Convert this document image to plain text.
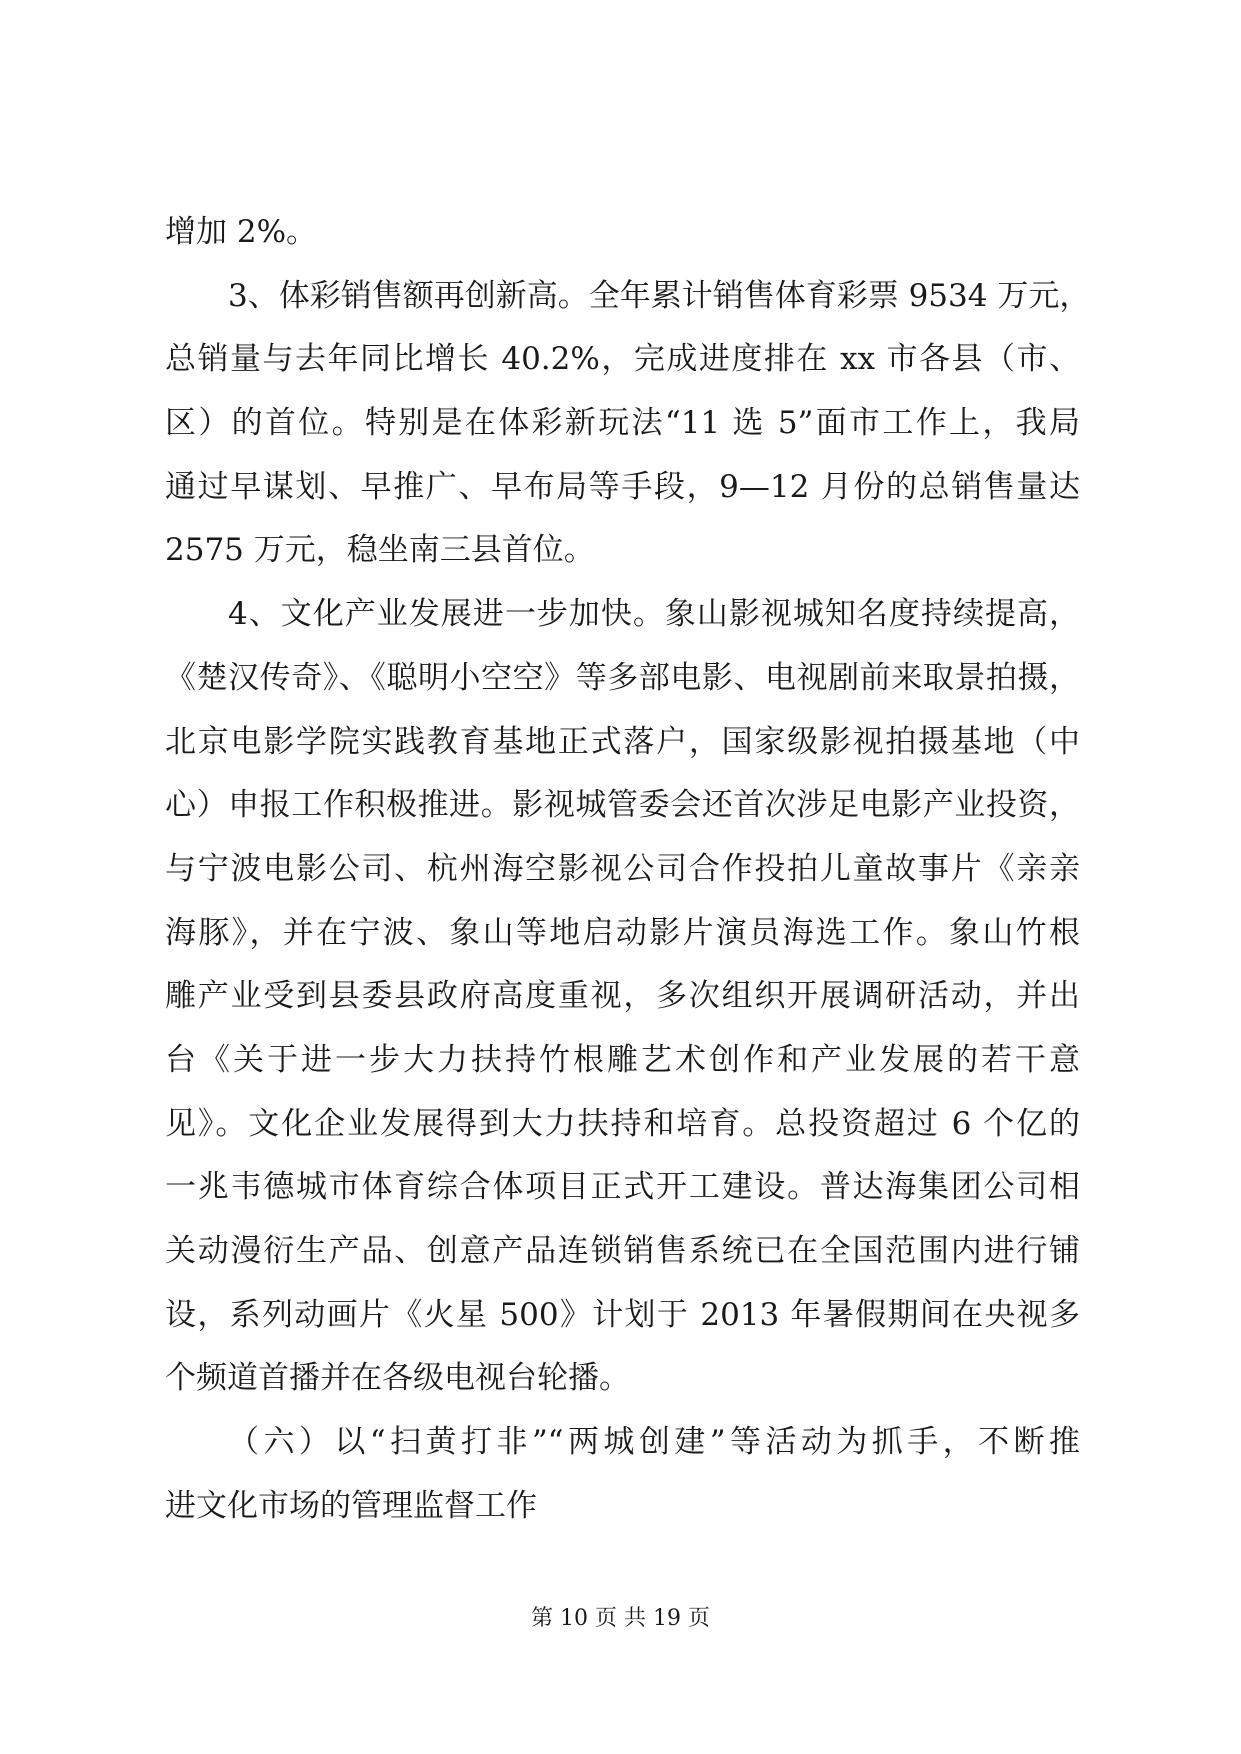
增加 2%。
3、体彩销售额再创新高。全年累计销售体育彩票 9534 万元，
总销量与去年同比增长 40.2%，完成进度排在 xx 市各县（市、
区）的首位。特别是在体彩新玩法“11 选 5”面市工作上，我局
通过早谋划、早推广、早布局等手段，9—12 月份的总销售量达
2575 万元，稳坐南三县首位。
4、文化产业发展进一步加快。象山影视城知名度持续提高，
《楚汉传奇》、《聪明小空空》等多部电影、电视剧前来取景拍摄，
北京电影学院实践教育基地正式落户，国家级影视拍摄基地（中
心）申报工作积极推进。影视城管委会还首次涉足电影产业投资，
与宁波电影公司、杭州海空影视公司合作投拍儿童故事片《亲亲
海豚》，并在宁波、象山等地启动影片演员海选工作。象山竹根
雕产业受到县委县政府高度重视，多次组织开展调研活动，并出
台《关于进一步大力扶持竹根雕艺术创作和产业发展的若干意
见》。文化企业发展得到大力扶持和培育。总投资超过 6 个亿的
一兆韦德城市体育综合体项目正式开工建设。普达海集团公司相
关动漫衍生产品、创意产品连锁销售系统已在全国范围内进行铺
设，系列动画片《火星 500》计划于 2013 年暑假期间在央视多
个频道首播并在各级电视台轮播。
（六）以“扫黄打非”“两城创建”等活动为抓手，不断推
进文化市场的管理监督工作
第 10 页 共 19 页
